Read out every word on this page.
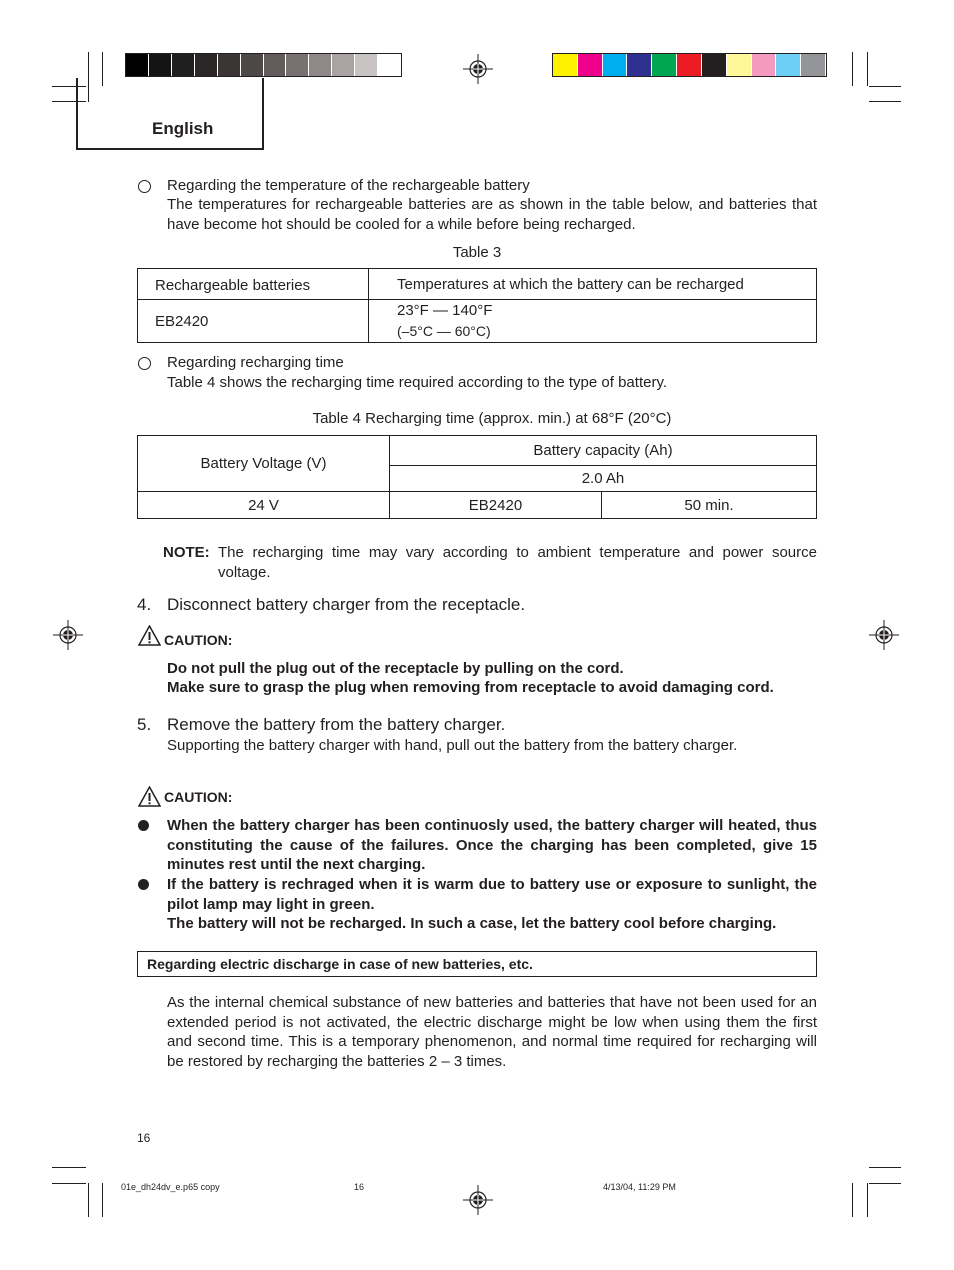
English
Regarding the temperature of the rechargeable battery
The temperatures for rechargeable batteries are as shown in the table below, and batteries that have become hot should be cooled for a while before being recharged.
Table 3
Rechargeable batteries	Temperatures at which the battery can be recharged
EB2420	23°F — 140°F
(–5°C — 60°C)
Regarding recharging time
Table 4 shows the recharging time required according to the type of battery.
Table 4 Recharging time (approx. min.) at 68°F (20°C)
Battery Voltage (V)	Battery capacity (Ah)	
	2.0 Ah	
24 V	EB2420	50 min.
NOTE: The recharging time may vary according to ambient temperature and power source voltage.
4. Disconnect battery charger from the receptacle.
CAUTION:
Do not pull the plug out of the receptacle by pulling on the cord.
Make sure to grasp the plug when removing from receptacle to avoid damaging cord.
5. Remove the battery from the battery charger.
Supporting the battery charger with hand, pull out the battery from the battery charger.
CAUTION:
When the battery charger has been continuosly used, the battery charger will heated, thus constituting the cause of the failures. Once the charging has been completed, give 15 minutes rest until the next charging.
If the battery is rechraged when it is warm due to battery use or exposure to sunlight, the pilot lamp may light in green.
The battery will not be recharged. In such a case, let the battery cool before charging.
Regarding electric discharge in case of new batteries, etc.
As the internal chemical substance of new batteries and batteries that have not been used for an extended period is not activated, the electric discharge might be low when using them the first and second time. This is a temporary phenomenon, and normal time required for recharging will be restored by recharging the batteries 2 – 3 times.
16
01e_dh24dv_e.p65 copy	16	4/13/04, 11:29 PM
